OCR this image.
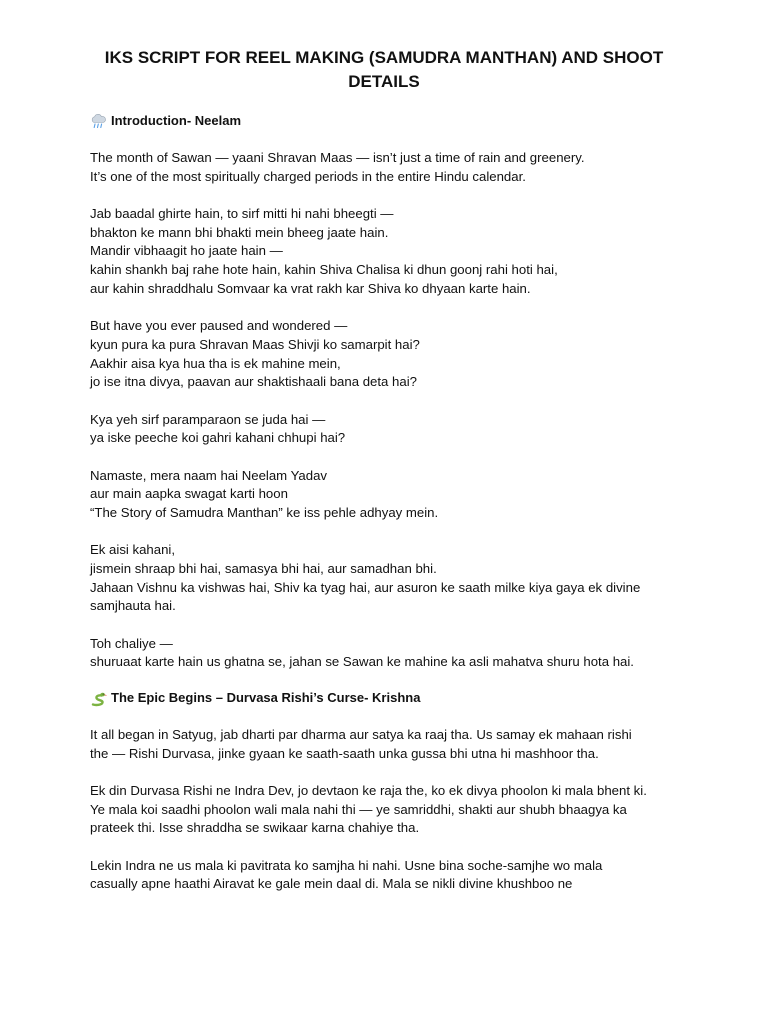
IKS SCRIPT FOR REEL MAKING (SAMUDRA MANTHAN) AND SHOOT
DETAILS
Introduction- Neelam

The month of Sawan — yaani Shravan Maas — isn’t just a time of rain and greenery.
It’s one of the most spiritually charged periods in the entire Hindu calendar.

Jab baadal ghirte hain, to sirf mitti hi nahi bheegti —
bhakton ke mann bhi bhakti mein bheeg jaate hain.
Mandir vibhaagit ho jaate hain —
kahin shankh baj rahe hote hain, kahin Shiva Chalisa ki dhun goonj rahi hoti hai,
aur kahin shraddhalu Somvaar ka vrat rakh kar Shiva ko dhyaan karte hain.

But have you ever paused and wondered —
kyun pura ka pura Shravan Maas Shivji ko samarpit hai?
Aakhir aisa kya hua tha is ek mahine mein,
jo ise itna divya, paavan aur shaktishaali bana deta hai?

Kya yeh sirf paramparaon se juda hai —
ya iske peeche koi gahri kahani chhupi hai?

Namaste, mera naam hai Neelam Yadav
aur main aapka swagat karti hoon
“The Story of Samudra Manthan” ke iss pehle adhyay mein.

Ek aisi kahani,
jismein shraap bhi hai, samasya bhi hai, aur samadhan bhi.
Jahaan Vishnu ka vishwas hai, Shiv ka tyag hai, aur asuron ke saath milke kiya gaya ek divine
samjhauta hai.

Toh chaliye —
shuruaat karte hain us ghatna se, jahan se Sawan ke mahine ka asli mahatva shuru hota hai.

The Epic Begins – Durvasa Rishi’s Curse- Krishna

It all began in Satyug, jab dharti par dharma aur satya ka raaj tha. Us samay ek mahaan rishi
the — Rishi Durvasa, jinke gyaan ke saath-saath unka gussa bhi utna hi mashhoor tha.

Ek din Durvasa Rishi ne Indra Dev, jo devtaon ke raja the, ko ek divya phoolon ki mala bhent ki.
Ye mala koi saadhi phoolon wali mala nahi thi — ye samriddhi, shakti aur shubh bhaagya ka
prateek thi. Isse shraddha se swikaar karna chahiye tha.

Lekin Indra ne us mala ki pavitrata ko samjha hi nahi. Usne bina soche-samjhe wo mala
casually apne haathi Airavat ke gale mein daal di. Mala se nikli divine khushboo ne
